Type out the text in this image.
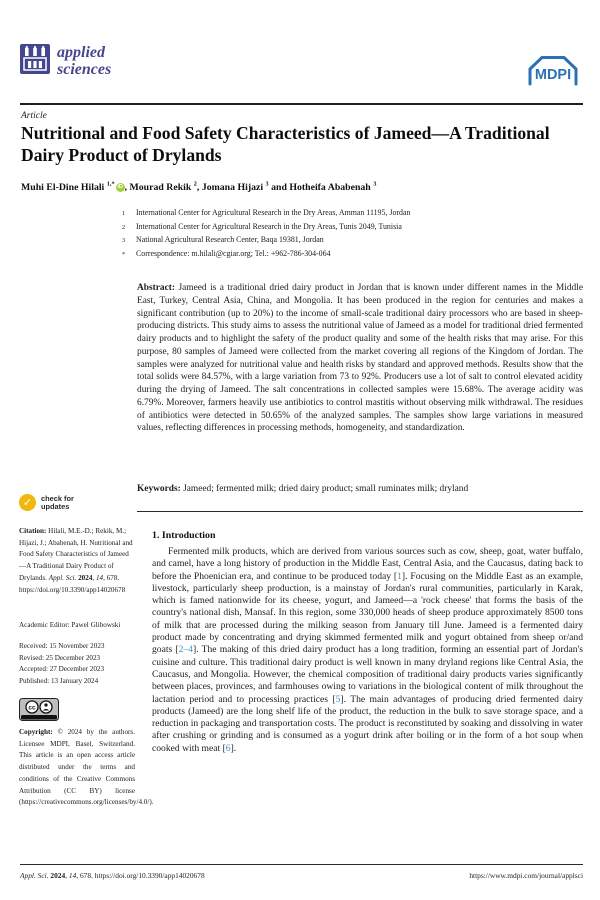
applied
sciences	MDPI
Article
Nutritional and Food Safety Characteristics of Jameed—A Traditional Dairy Product of Drylands
Muhi El-Dine Hilali $^{1,*}$ iD , Mourad Rekik $^2$, Jomana Hijazi $^3$ and Hotheifa Ababenah $^3$
1	International Center for Agricultural Research in the Dry Areas, Amman 11195, Jordan
2	International Center for Agricultural Research in the Dry Areas, Tunis 2049, Tunisia
3	National Agricultural Research Center, Baqa 19381, Jordan
*	Correspondence: m.hilali@cgiar.org; Tel.: +962-786-304-064
Abstract: Jameed is a traditional dried dairy product in Jordan that is known under different names in the Middle East, Turkey, Central Asia, China, and Mongolia. It has been produced in the region for centuries and makes a significant contribution (up to 20%) to the income of small-scale traditional dairy processors who are based in sheep-producing districts. This study aims to assess the nutritional value of Jameed as a model for traditional dried fermented dairy products and to highlight the safety of the product quality and some of the health risks that may arise. For this purpose, 80 samples of Jameed were collected from the market covering all regions of the Kingdom of Jordan. The samples were analyzed for nutritional value and health risks by standard and approved methods. Results show that the total solids were 84.57%, with a large variation from 73 to 92%. Producers use a lot of salt to control elevated acidity during the drying of Jameed. The salt concentrations in collected samples were 15.68%. The average acidity was 6.79%. Moreover, farmers heavily use antibiotics to control mastitis without observing milk withdrawal. The residues of antibiotics were detected in 50.65% of the analyzed samples. The samples show large variations in measured values, reflecting differences in processing methods, homogeneity, and standardization.
Keywords: Jameed; fermented milk; dried dairy product; small ruminates milk; dryland
✓	check for
updates
Citation: Hilali, M.E.-D.; Rekik, M.; Hijazi, J.; Ababenah, H. Nutritional and Food Safety Characteristics of Jameed—A Traditional Dairy Product of Drylands. Appl. Sci. 2024, 14, 678. https://doi.org/10.3390/app14020678
Academic Editor: Pawel Glibowski
Received: 15 November 2023
Revised: 25 December 2023
Accepted: 27 December 2023
Published: 13 January 2024
cc
Copyright: © 2024 by the authors. Licensee MDPI, Basel, Switzerland. This article is an open access article distributed under the terms and conditions of the Creative Commons Attribution (CC BY) license (https://creativecommons.org/licenses/by/4.0/).
1. Introduction
Fermented milk products, which are derived from various sources such as cow, sheep, goat, water buffalo, and camel, have a long history of production in the Middle East, Central Asia, and the Caucasus, dating back to before the Phoenician era, and continue to be produced today [1]. Focusing on the Middle East as an example, livestock, particularly sheep production, is a mainstay of Jordan's rural communities, particularly in Karak, which is famed nationwide for its cheese, yogurt, and Jameed—a 'rock cheese' that forms the basis of the country's national dish, Mansaf. In this region, some 330,000 heads of sheep produce approximately 8500 tons of milk that are processed during the milking season from January till June. Jameed is a fermented dairy product made by concentrating and drying skimmed fermented milk and yogurt obtained from sheep or/and goats [2–4]. The making of this dried dairy product has a long tradition, forming an essential part of Jordan's cuisine and culture. This traditional dairy product is well known in many dryland regions like Central Asia, the Caucasus, and Mongolia. However, the chemical composition of traditional dairy products varies significantly between places, provinces, and farmhouses owing to variations in the biological content of milk throughout the lactation period and to processing practices [5]. The main advantages of producing dried fermented dairy products (Jameed) are the long shelf life of the product, the reduction in the bulk to save storage space, and a reduction in packaging and transportation costs. The product is reconstituted by soaking and dissolving in water after crushing or grinding and is consumed as a yogurt drink after boiling or in the form of a hot soup when cooked with meat [6].
Appl. Sci. 2024, 14, 678. https://doi.org/10.3390/app14020678	https://www.mdpi.com/journal/applsci
